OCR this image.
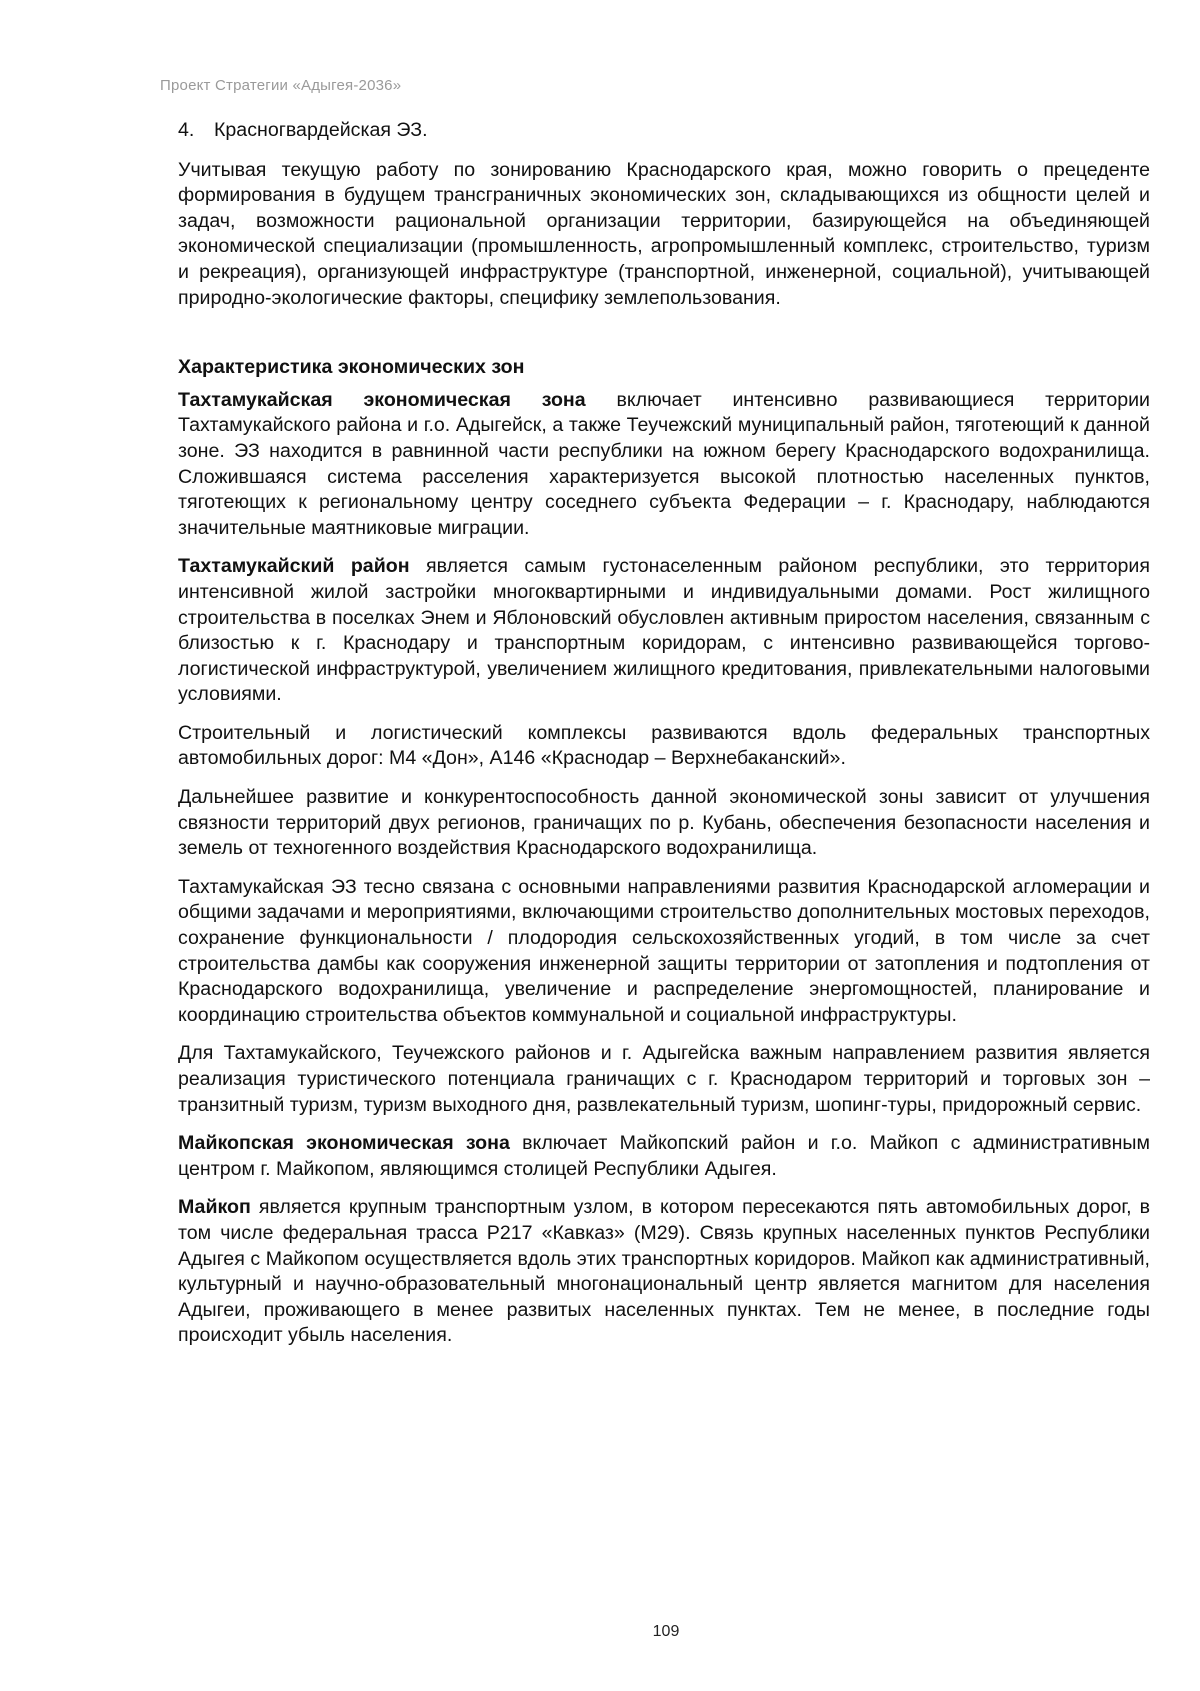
Проект Стратегии «Адыгея-2036»
4. Красногвардейская ЭЗ.

Учитывая текущую работу по зонированию Краснодарского края, можно говорить о прецеденте формирования в будущем трансграничных экономических зон, складывающихся из общности целей и задач, возможности рациональной организации территории, базирующейся на объединяющей экономической специализации (промышленность, агропромышленный комплекс, строительство, туризм и рекреация), организующей инфраструктуре (транспортной, инженерной, социальной), учитывающей природно-экологические факторы, специфику землепользования.

Характеристика экономических зон

Тахтамукайская экономическая зона включает интенсивно развивающиеся территории Тахтамукайского района и г.о. Адыгейск, а также Теучежский муниципальный район, тяготеющий к данной зоне. ЭЗ находится в равнинной части республики на южном берегу Краснодарского водохранилища. Сложившаяся система расселения характеризуется высокой плотностью населенных пунктов, тяготеющих к региональному центру соседнего субъекта Федерации – г. Краснодару, наблюдаются значительные маятниковые миграции.

Тахтамукайский район является самым густонаселенным районом республики, это территория интенсивной жилой застройки многоквартирными и индивидуальными домами. Рост жилищного строительства в поселках Энем и Яблоновский обусловлен активным приростом населения, связанным с близостью к г. Краснодару и транспортным коридорам, с интенсивно развивающейся торгово-логистической инфраструктурой, увеличением жилищного кредитования, привлекательными налоговыми условиями.

Строительный и логистический комплексы развиваются вдоль федеральных транспортных автомобильных дорог: М4 «Дон», А146 «Краснодар – Верхнебаканский».

Дальнейшее развитие и конкурентоспособность данной экономической зоны зависит от улучшения связности территорий двух регионов, граничащих по р. Кубань, обеспечения безопасности населения и земель от техногенного воздействия Краснодарского водохранилища.

Тахтамукайская ЭЗ тесно связана с основными направлениями развития Краснодарской агломерации и общими задачами и мероприятиями, включающими строительство дополнительных мостовых переходов, сохранение функциональности / плодородия сельскохозяйственных угодий, в том числе за счет строительства дамбы как сооружения инженерной защиты территории от затопления и подтопления от Краснодарского водохранилища, увеличение и распределение энергомощностей, планирование и координацию строительства объектов коммунальной и социальной инфраструктуры.

Для Тахтамукайского, Теучежского районов и г. Адыгейска важным направлением развития является реализация туристического потенциала граничащих с г. Краснодаром территорий и торговых зон – транзитный туризм, туризм выходного дня, развлекательный туризм, шопинг-туры, придорожный сервис.

Майкопская экономическая зона включает Майкопский район и г.о. Майкоп с административным центром г. Майкопом, являющимся столицей Республики Адыгея.

Майкоп является крупным транспортным узлом, в котором пересекаются пять автомобильных дорог, в том числе федеральная трасса Р217 «Кавказ» (М29). Связь крупных населенных пунктов Республики Адыгея с Майкопом осуществляется вдоль этих транспортных коридоров. Майкоп как административный, культурный и научно-образовательный многонациональный центр является магнитом для населения Адыгеи, проживающего в менее развитых населенных пунктах. Тем не менее, в последние годы происходит убыль населения.

109
